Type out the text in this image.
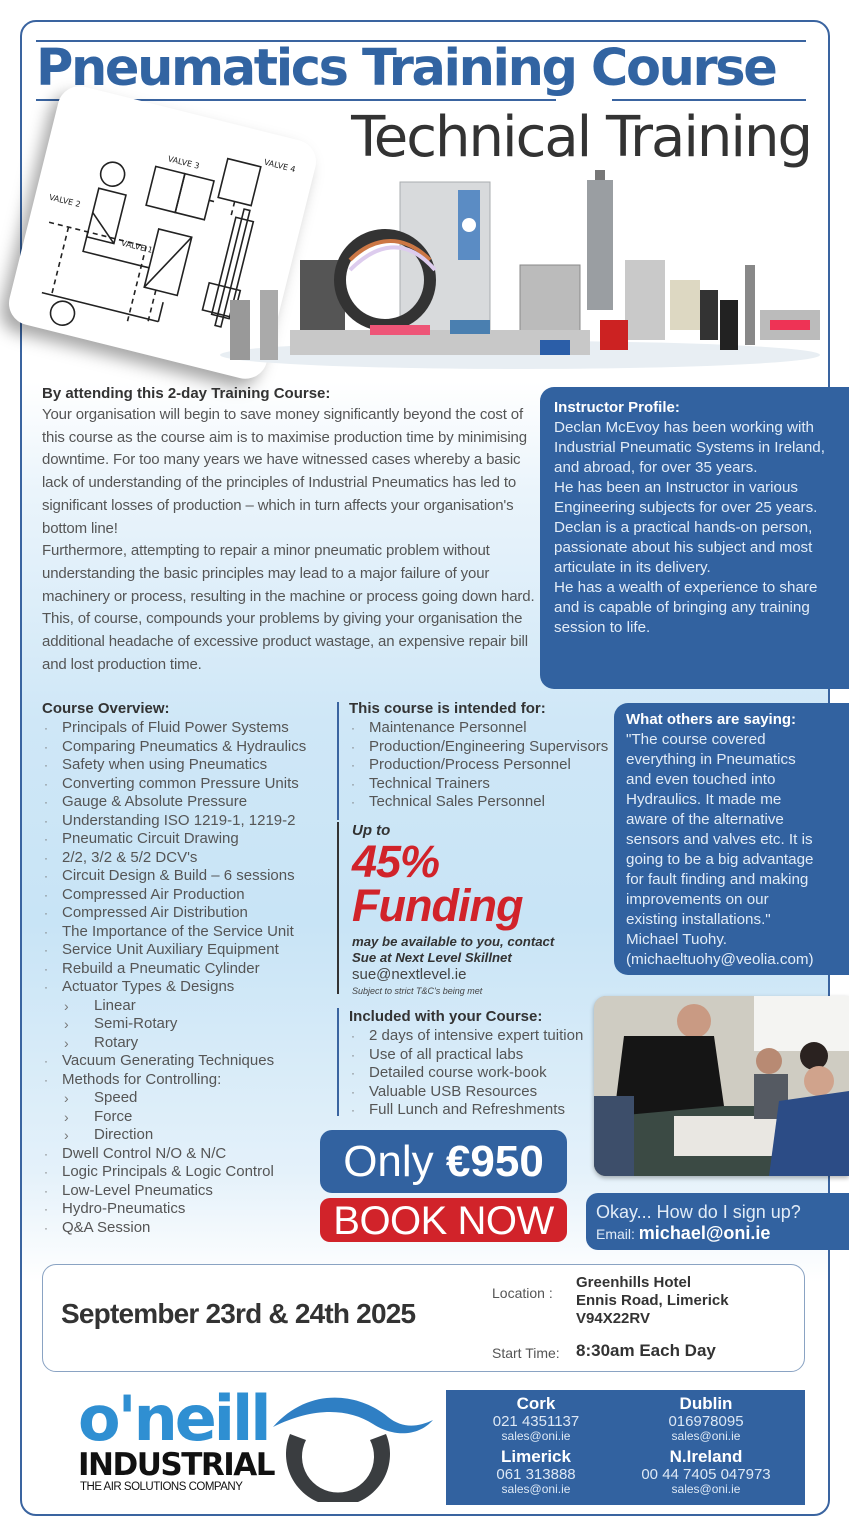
Pneumatics Training Course
Technical Training
VALVE 3	VALVE 4
VALVE 2
VALVE 1
By attending this 2-day Training Course:

Your organisation will begin to save money significantly beyond the cost of this course as the course aim is to maximise production time by minimising downtime. For too many years we have witnessed cases whereby a basic lack of understanding of the principles of Industrial Pneumatics has led to significant losses of production – which in turn affects your organisation's bottom line!

Furthermore, attempting to repair a minor pneumatic problem without understanding the basic principles may lead to a major failure of your machinery or process, resulting in the machine or process going down hard. This, of course, compounds your problems by giving your organisation the additional headache of excessive product wastage, an expensive repair bill and lost production time.

Instructor Profile:

Declan McEvoy has been working with Industrial Pneumatic Systems in Ireland, and abroad, for over 35 years.

He has been an Instructor in various Engineering subjects for over 25 years.

Declan is a practical hands-on person, passionate about his subject and most articulate in its delivery.

He has a wealth of experience to share and is capable of bringing any training session to life.

Course Overview:
· Principals of Fluid Power Systems
· Comparing Pneumatics & Hydraulics
· Safety when using Pneumatics
· Converting common Pressure Units
· Gauge & Absolute Pressure
· Understanding ISO 1219-1, 1219-2
· Pneumatic Circuit Drawing
· 2/2, 3/2 & 5/2 DCV's
· Circuit Design & Build – 6 sessions
· Compressed Air Production
· Compressed Air Distribution
· The Importance of the Service Unit
· Service Unit Auxiliary Equipment
· Rebuild a Pneumatic Cylinder
· Actuator Types & Designs
› Linear
› Semi-Rotary
› Rotary
· Vacuum Generating Techniques
· Methods for Controlling:
› Speed
› Force
› Direction
· Dwell Control N/O & N/C
· Logic Principals & Logic Control
· Low-Level Pneumatics
· Hydro-Pneumatics
· Q&A Session
This course is intended for:
· Maintenance Personnel
· Production/Engineering Supervisors
· Production/Process Personnel
· Technical Trainers
· Technical Sales Personnel
Up to
45%
Funding
may be available to you, contact
Sue at Next Level Skillnet
sue@nextlevel.ie
Subject to strict T&C's being met
Included with your Course:
· 2 days of intensive expert tuition
· Use of all practical labs
· Detailed course work-book
· Valuable USB Resources
· Full Lunch and Refreshments
What others are saying:
"The course covered
everything in Pneumatics
and even touched into
Hydraulics. It made me
aware of the alternative
sensors and valves etc. It is
going to be a big advantage
for fault finding and making
improvements on our
existing installations."
Michael Tuohy.
(michaeltuohy@veolia.com)
Only €950
BOOK NOW	Okay... How do I sign up?
Email: michael@oni.ie
September 23rd & 24th 2025
Location :
Greenhills Hotel
Ennis Road, Limerick
V94X22RV
Start Time: 8:30am Each Day
o'neill
INDUSTRIAL
THE AIR SOLUTIONS COMPANY
Cork
021 4351137
sales@oni.ie
Dublin
016978095
sales@oni.ie
Limerick
061 313888
sales@oni.ie
N.Ireland
00 44 7405 047973
sales@oni.ie
